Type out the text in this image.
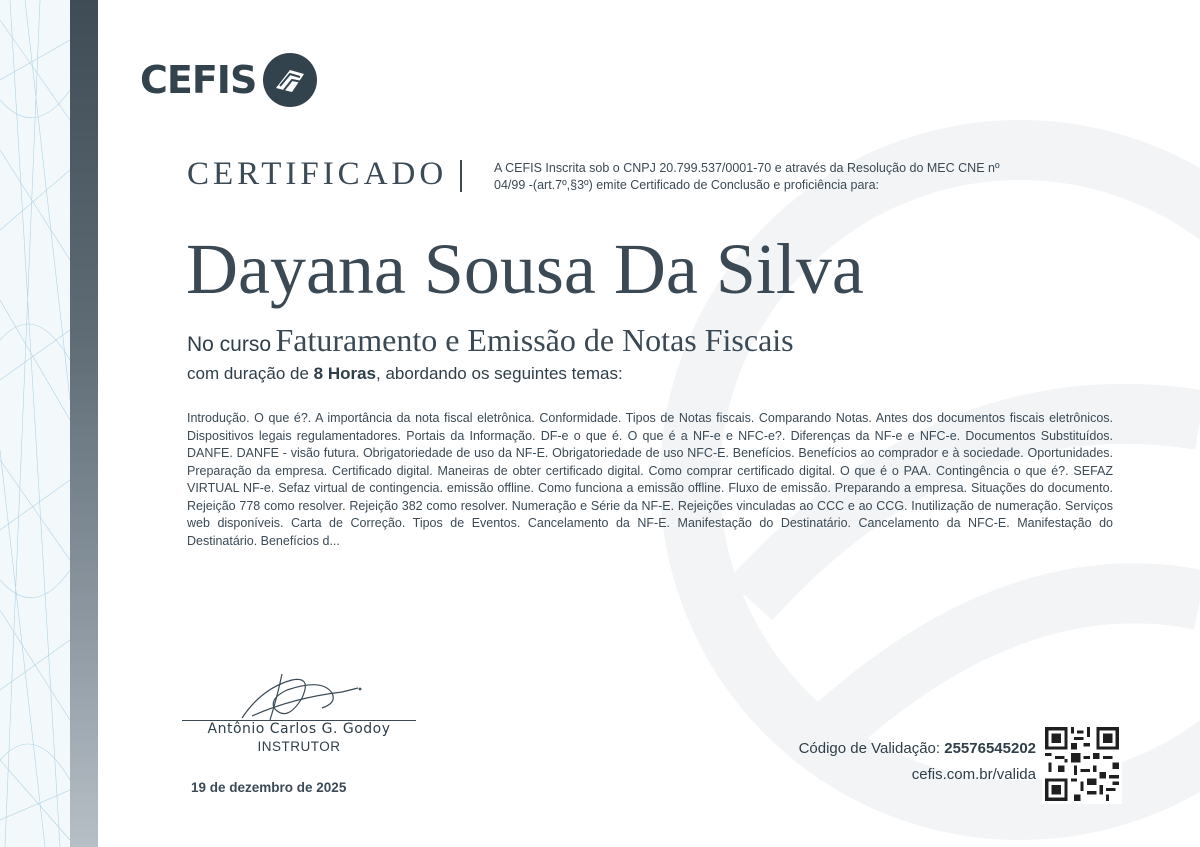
CEFIS
CERTIFICADO	A CEFIS Inscrita sob o CNPJ 20.799.537/0001-70 e através da Resolução do MEC CNE nº 04/99 -(art.7º,§3º) emite Certificado de Conclusão e proficiência para:
Dayana Sousa Da Silva
No curso Faturamento e Emissão de Notas Fiscais
com duração de 8 Horas, abordando os seguintes temas:
Introdução. O que é?. A importância da nota fiscal eletrônica. Conformidade. Tipos de Notas fiscais. Comparando Notas. Antes dos documentos fiscais eletrônicos. Dispositivos legais regulamentadores. Portais da Informação. DF-e o que é. O que é a NF-e e NFC-e?. Diferenças da NF-e e NFC-e. Documentos Substituídos. DANFE. DANFE - visão futura. Obrigatoriedade de uso da NF-E. Obrigatoriedade de uso NFC-E. Benefícios. Benefícios ao comprador e à sociedade. Oportunidades. Preparação da empresa. Certificado digital. Maneiras de obter certificado digital. Como comprar certificado digital. O que é o PAA. Contingência o que é?. SEFAZ VIRTUAL NF-e. Sefaz virtual de contingencia. emissão offline. Como funciona a emissão offline. Fluxo de emissão. Preparando a empresa. Situações do documento. Rejeição 778 como resolver. Rejeição 382 como resolver. Numeração e Série da NF-E. Rejeições vinculadas ao CCC e ao CCG. Inutilização de numeração. Serviços web disponíveis. Carta de Correção. Tipos de Eventos. Cancelamento da NF-E. Manifestação do Destinatário. Cancelamento da NFC-E. Manifestação do Destinatário. Benefícios d...
Antônio Carlos G. Godoy
INSTRUTOR
19 de dezembro de 2025
Código de Validação: 25576545202
cefis.com.br/valida
